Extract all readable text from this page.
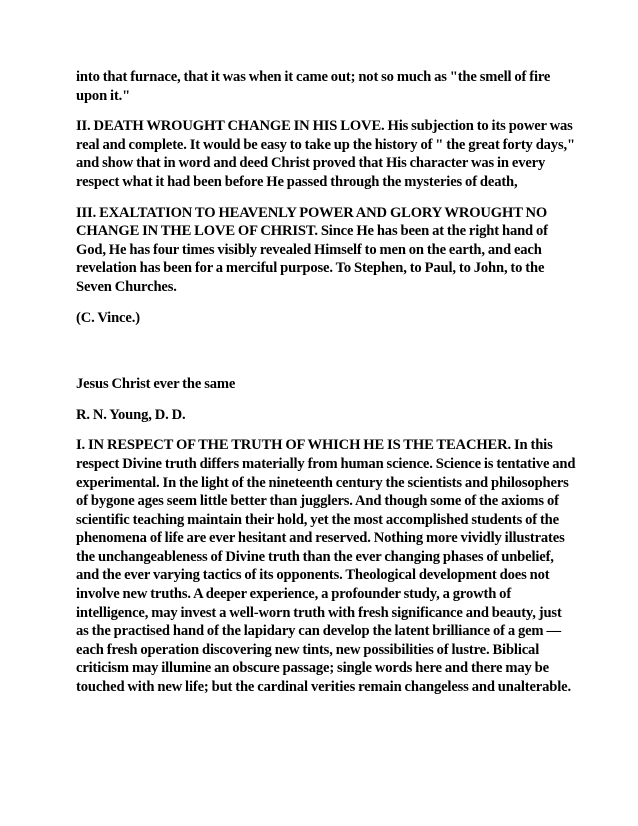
into that furnace, that it was when it came out; not so much as "the smell of fire upon it."

II. DEATH WROUGHT CHANGE IN HIS LOVE. His subjection to its power was real and complete. It would be easy to take up the history of " the great forty days," and show that in word and deed Christ proved that His character was in every respect what it had been before He passed through the mysteries of death,

III. EXALTATION TO HEAVENLY POWER AND GLORY WROUGHT NO CHANGE IN THE LOVE OF CHRIST. Since He has been at the right hand of God, He has four times visibly revealed Himself to men on the earth, and each revelation has been for a merciful purpose. To Stephen, to Paul, to John, to the Seven Churches.

(C. Vince.)

Jesus Christ ever the same

R. N. Young, D. D.

I. IN RESPECT OF THE TRUTH OF WHICH HE IS THE TEACHER. In this respect Divine truth differs materially from human science. Science is tentative and experimental. In the light of the nineteenth century the scientists and philosophers of bygone ages seem little better than jugglers. And though some of the axioms of scientific teaching maintain their hold, yet the most accomplished students of the phenomena of life are ever hesitant and reserved. Nothing more vividly illustrates the unchangeableness of Divine truth than the ever changing phases of unbelief, and the ever varying tactics of its opponents. Theological development does not involve new truths. A deeper experience, a profounder study, a growth of intelligence, may invest a well-worn truth with fresh significance and beauty, just as the practised hand of the lapidary can develop the latent brilliance of a gem — each fresh operation discovering new tints, new possibilities of lustre. Biblical criticism may illumine an obscure passage; single words here and there may be touched with new life; but the cardinal verities remain changeless and unalterable.
